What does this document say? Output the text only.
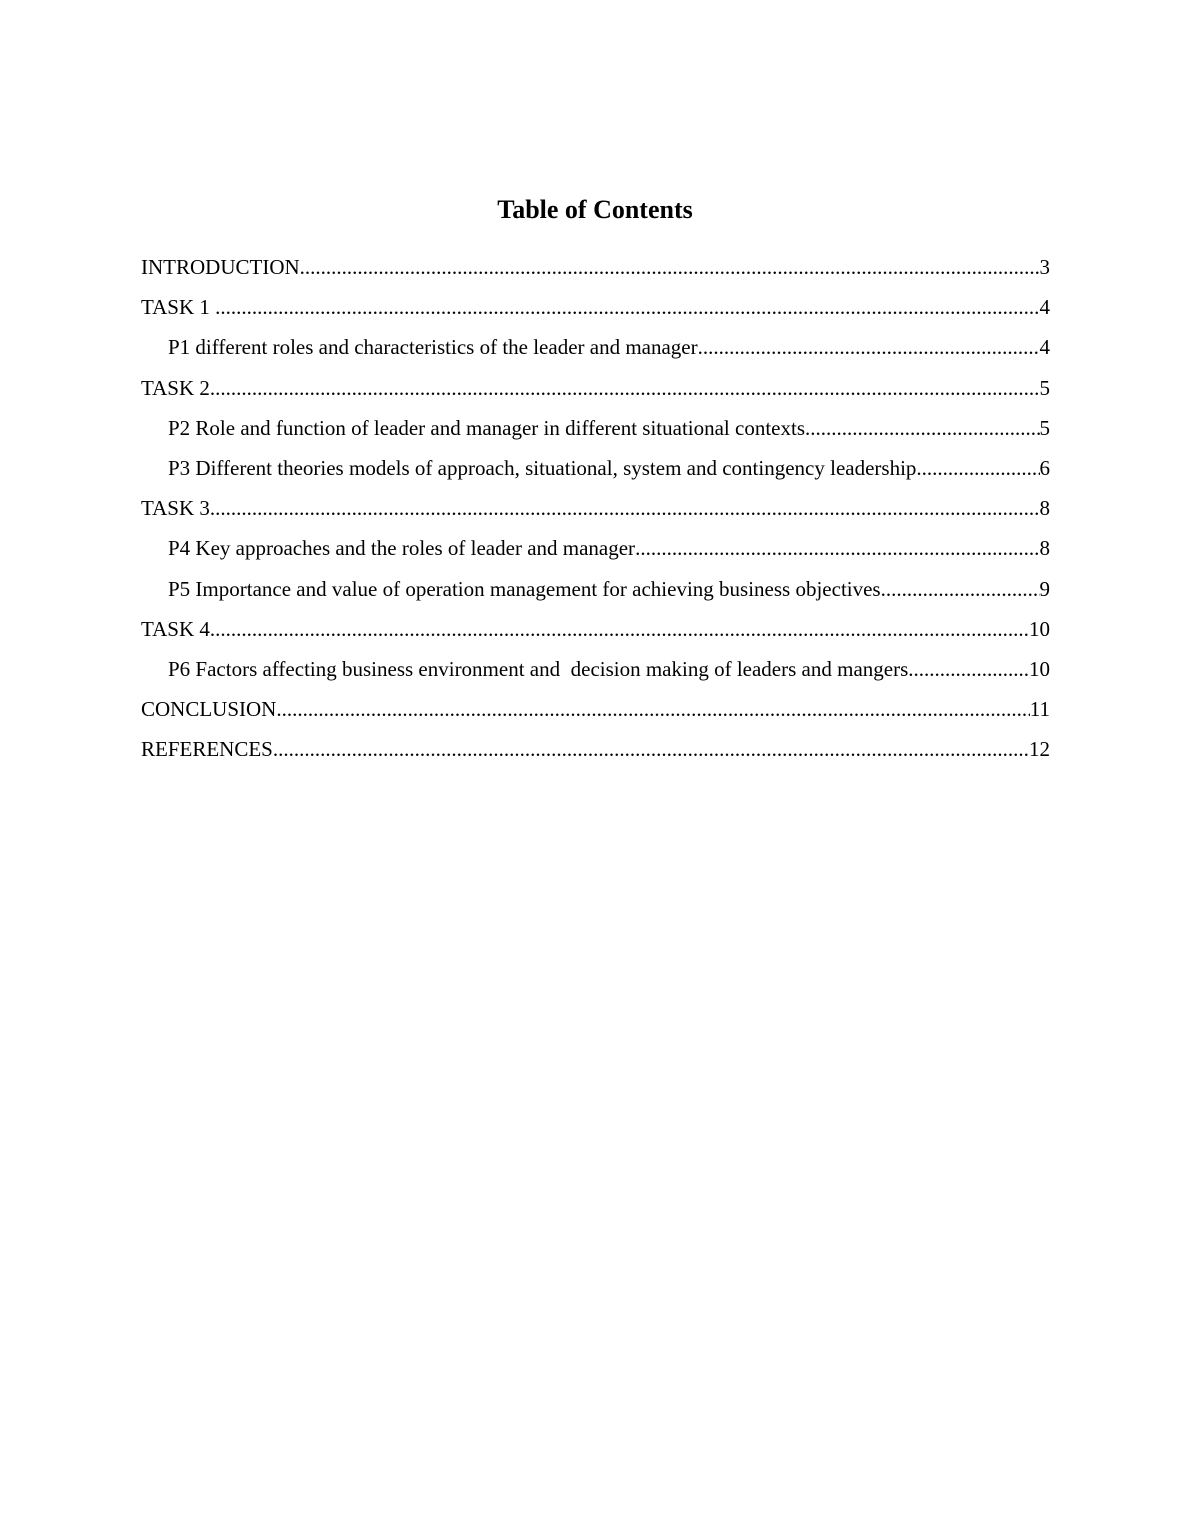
Table of Contents
INTRODUCTION .....	3
TASK 1 .....	4
P1 different roles and characteristics of the leader and manager .....	4
TASK 2 .....	5
P2 Role and function of leader and manager in different situational contexts .....	5
P3 Different theories models of approach, situational, system and contingency leadership .....	6
TASK 3 .....	8
P4 Key approaches and the roles of leader and manager .....	8
P5 Importance and value of operation management for achieving business objectives .....	9
TASK 4 .....	10
P6 Factors affecting business environment and  decision making of leaders and mangers .....	10
CONCLUSION .....	11
REFERENCES .....	12
